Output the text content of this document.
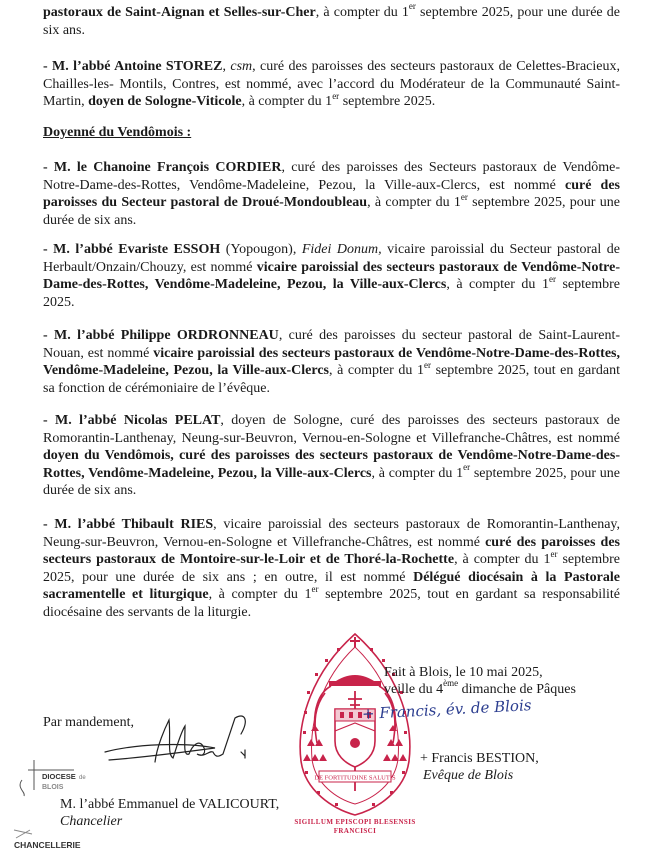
pastoraux de Saint-Aignan et Selles-sur-Cher, à compter du 1er septembre 2025, pour une durée de six ans.

- M. l’abbé Antoine STOREZ, csm, curé des paroisses des secteurs pastoraux de Celettes-Bracieux, Chailles-les- Montils, Contres, est nommé, avec l’accord du Modérateur de la Communauté Saint-Martin, doyen de Sologne-Viticole, à compter du 1er septembre 2025.

Doyenné du Vendômois :

- M. le Chanoine François CORDIER, curé des paroisses des Secteurs pastoraux de Vendôme-Notre-Dame-des-Rottes, Vendôme-Madeleine, Pezou, la Ville-aux-Clercs, est nommé curé des paroisses du Secteur pastoral de Droué-Mondoubleau, à compter du 1er septembre 2025, pour une durée de six ans.

- M. l’abbé Evariste ESSOH (Yopougon), Fidei Donum, vicaire paroissial du Secteur pastoral de Herbault/Onzain/Chouzy, est nommé vicaire paroissial des secteurs pastoraux de Vendôme-Notre-Dame-des-Rottes, Vendôme-Madeleine, Pezou, la Ville-aux-Clercs, à compter du 1er septembre 2025.

- M. l’abbé Philippe ORDRONNEAU, curé des paroisses du secteur pastoral de Saint-Laurent-Nouan, est nommé vicaire paroissial des secteurs pastoraux de Vendôme-Notre-Dame-des-Rottes, Vendôme-Madeleine, Pezou, la Ville-aux-Clercs, à compter du 1er septembre 2025, tout en gardant sa fonction de cérémoniaire de l’évêque.

- M. l’abbé Nicolas PELAT, doyen de Sologne, curé des paroisses des secteurs pastoraux de Romorantin-Lanthenay, Neung-sur-Beuvron, Vernou-en-Sologne et Villefranche-Châtres, est nommé doyen du Vendômois, curé des paroisses des secteurs pastoraux de Vendôme-Notre-Dame-des-Rottes, Vendôme-Madeleine, Pezou, la Ville-aux-Clercs, à compter du 1er septembre 2025, pour une durée de six ans.

- M. l’abbé Thibault RIES, vicaire paroissial des secteurs pastoraux de Romorantin-Lanthenay, Neung-sur-Beuvron, Vernou-en-Sologne et Villefranche-Châtres, est nommé curé des paroisses des secteurs pastoraux de Montoire-sur-le-Loir et de Thoré-la-Rochette, à compter du 1er septembre 2025, pour une durée de six ans ; en outre, il est nommé Délégué diocésain à la Pastorale sacramentelle et liturgique, à compter du 1er septembre 2025, tout en gardant sa responsabilité diocésaine des servants de la liturgie.

DE FORTITUDINE SALUTIS
SIGILLUM EPISCOPI BLESENSIS FRANCISCI
+ Francis, év. de Blois
Fait à Blois, le 10 mai 2025,
veille du 4ème dimanche de Pâques
+ Francis BESTION,
Evêque de Blois
Par mandement,
DIOCESE de
BLOIS
CHANCELLERIE
M. l’abbé Emmanuel de VALICOURT,
Chancelier
